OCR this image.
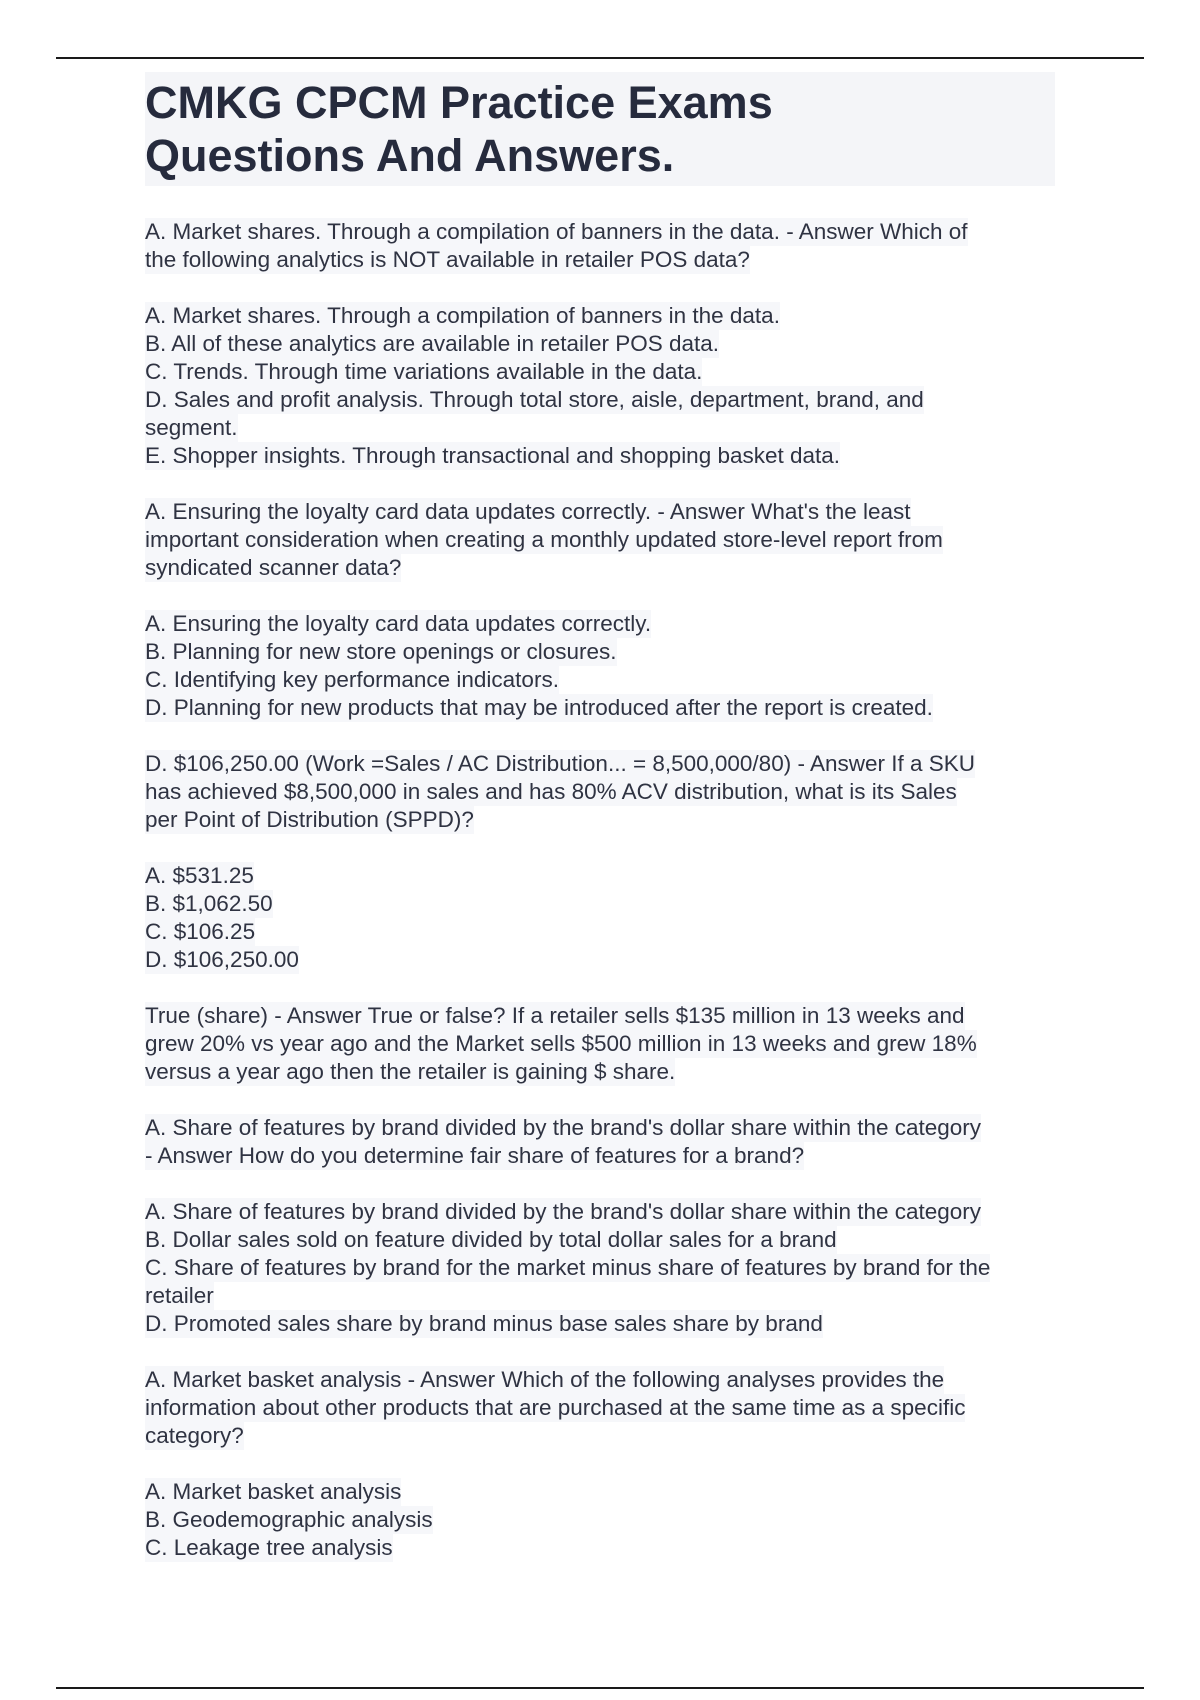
CMKG CPCM Practice Exams
Questions And Answers.
A. Market shares. Through a compilation of banners in the data. - Answer Which of
the following analytics is NOT available in retailer POS data?
A. Market shares. Through a compilation of banners in the data.
B. All of these analytics are available in retailer POS data.
C. Trends. Through time variations available in the data.
D. Sales and profit analysis. Through total store, aisle, department, brand, and
segment.
E. Shopper insights. Through transactional and shopping basket data.
A. Ensuring the loyalty card data updates correctly. - Answer What's the least
important consideration when creating a monthly updated store-level report from
syndicated scanner data?
A. Ensuring the loyalty card data updates correctly.
B. Planning for new store openings or closures.
C. Identifying key performance indicators.
D. Planning for new products that may be introduced after the report is created.
D. $106,250.00 (Work =Sales / AC Distribution... = 8,500,000/80) - Answer If a SKU
has achieved $8,500,000 in sales and has 80% ACV distribution, what is its Sales
per Point of Distribution (SPPD)?
A. $531.25
B. $1,062.50
C. $106.25
D. $106,250.00
True (share) - Answer True or false? If a retailer sells $135 million in 13 weeks and
grew 20% vs year ago and the Market sells $500 million in 13 weeks and grew 18%
versus a year ago then the retailer is gaining $ share.
A. Share of features by brand divided by the brand's dollar share within the category
- Answer How do you determine fair share of features for a brand?
A. Share of features by brand divided by the brand's dollar share within the category
B. Dollar sales sold on feature divided by total dollar sales for a brand
C. Share of features by brand for the market minus share of features by brand for the
retailer
D. Promoted sales share by brand minus base sales share by brand
A. Market basket analysis - Answer Which of the following analyses provides the
information about other products that are purchased at the same time as a specific
category?
A. Market basket analysis
B. Geodemographic analysis
C. Leakage tree analysis
